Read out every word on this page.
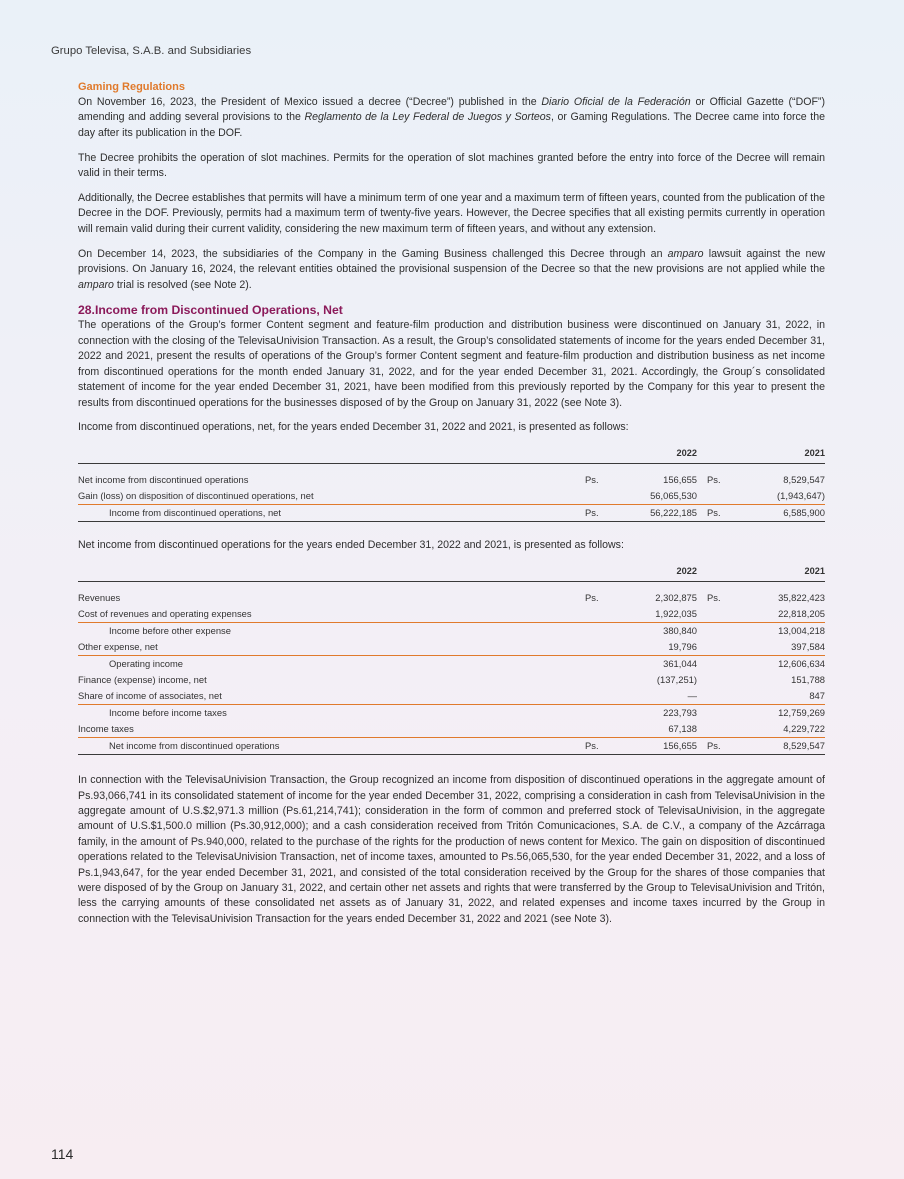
Grupo Televisa, S.A.B. and Subsidiaries
Gaming Regulations

On November 16, 2023, the President of Mexico issued a decree (“Decree”) published in the Diario Oficial de la Federación or Official Gazette (“DOF”) amending and adding several provisions to the Reglamento de la Ley Federal de Juegos y Sorteos, or Gaming Regulations. The Decree came into force the day after its publication in the DOF.

The Decree prohibits the operation of slot machines. Permits for the operation of slot machines granted before the entry into force of the Decree will remain valid in their terms.

Additionally, the Decree establishes that permits will have a minimum term of one year and a maximum term of fifteen years, counted from the publication of the Decree in the DOF. Previously, permits had a maximum term of twenty-five years. However, the Decree specifies that all existing permits currently in operation will remain valid during their current validity, considering the new maximum term of fifteen years, and without any extension.

On December 14, 2023, the subsidiaries of the Company in the Gaming Business challenged this Decree through an amparo lawsuit against the new provisions. On January 16, 2024, the relevant entities obtained the provisional suspension of the Decree so that the new provisions are not applied while the amparo trial is resolved (see Note 2).

28.Income from Discontinued Operations, Net

The operations of the Group’s former Content segment and feature-film production and distribution business were discontinued on January 31, 2022, in connection with the closing of the TelevisaUnivision Transaction. As a result, the Group’s consolidated statements of income for the years ended December 31, 2022 and 2021, present the results of operations of the Group’s former Content segment and feature-film production and distribution business as net income from discontinued operations for the month ended January 31, 2022, and for the year ended December 31, 2021. Accordingly, the Group´s consolidated statement of income for the year ended December 31, 2021, have been modified from this previously reported by the Company for this year to present the results from discontinued operations for the businesses disposed of by the Group on January 31, 2022 (see Note 3).

Income from discontinued operations, net, for the years ended December 31, 2022 and 2021, is presented as follows:

		2022		2021

Net income from discontinued operations	Ps.	156,655	Ps.	8,529,547
Gain (loss) on disposition of discontinued operations, net		56,065,530		(1,943,647)
Income from discontinued operations, net	Ps.	56,222,185	Ps.	6,585,900

Net income from discontinued operations for the years ended December 31, 2022 and 2021, is presented as follows:

		2022		2021

Revenues	Ps.	2,302,875	Ps.	35,822,423
Cost of revenues and operating expenses		1,922,035		22,818,205
Income before other expense		380,840		13,004,218
Other expense, net		19,796		397,584
Operating income		361,044		12,606,634
Finance (expense) income, net		(137,251)		151,788
Share of income of associates, net		—		847
Income before income taxes		223,793		12,759,269
Income taxes		67,138		4,229,722
Net income from discontinued operations	Ps.	156,655	Ps.	8,529,547

In connection with the TelevisaUnivision Transaction, the Group recognized an income from disposition of discontinued operations in the aggregate amount of Ps.93,066,741 in its consolidated statement of income for the year ended December 31, 2022, comprising a consideration in cash from TelevisaUnivision in the aggregate amount of U.S.$2,971.3 million (Ps.61,214,741); consideration in the form of common and preferred stock of TelevisaUnivision, in the aggregate amount of U.S.$1,500.0 million (Ps.30,912,000); and a cash consideration received from Tritón Comunicaciones, S.A. de C.V., a company of the Azcárraga family, in the amount of Ps.940,000, related to the purchase of the rights for the production of news content for Mexico. The gain on disposition of discontinued operations related to the TelevisaUnivision Transaction, net of income taxes, amounted to Ps.56,065,530, for the year ended December 31, 2022, and a loss of Ps.1,943,647, for the year ended December 31, 2021, and consisted of the total consideration received by the Group for the shares of those companies that were disposed of by the Group on January 31, 2022, and certain other net assets and rights that were transferred by the Group to TelevisaUnivision and Tritón, less the carrying amounts of these consolidated net assets as of January 31, 2022, and related expenses and income taxes incurred by the Group in connection with the TelevisaUnivision Transaction for the years ended December 31, 2022 and 2021 (see Note 3).

114
